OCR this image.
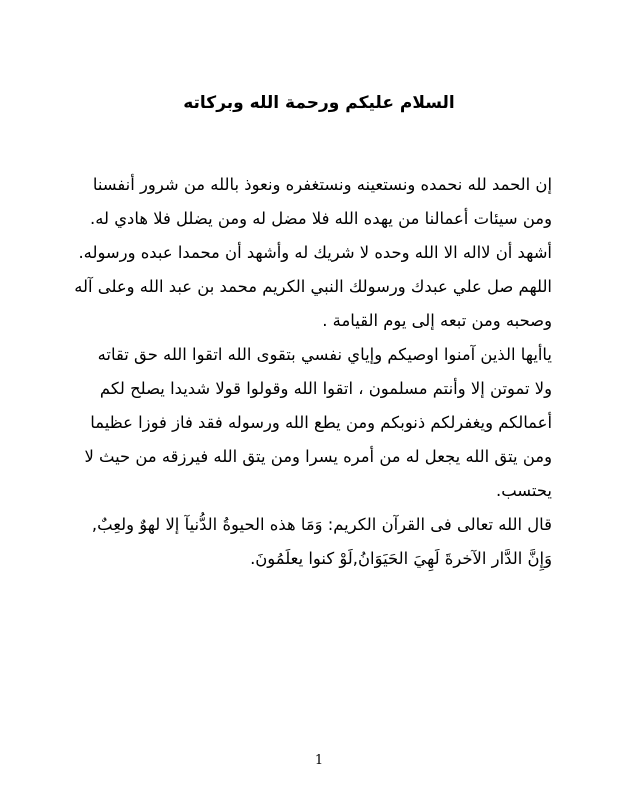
السلام عليكم ورحمة الله وبركاته
إن الحمد لله نحمده ونستعينه ونستغفره ونعوذ بالله من شرور أنفسنا
ومن سيئات أعمالنا من يهده الله فلا مضل له ومن يضلل فلا هادي له.
أشهد أن لااله الا الله وحده لا شريك له وأشهد أن محمدا عبده ورسوله.
اللهم صل علي عبدك ورسولك النبي الكريم محمد بن عبد الله وعلى آله
وصحبه ومن تبعه إلى يوم القيامة .
ياأيها الذين آمنوا اوصيكم وإياي نفسي بتقوى الله اتقوا الله حق تقاته
ولا تموتن إلا وأنتم مسلمون ، اتقوا الله وقولوا قولا شديدا يصلح لكم
أعمالكم ويغفرلكم ذنوبكم ومن يطع الله ورسوله فقد فاز فوزا عظيما
ومن يتق الله يجعل له من أمره يسرا ومن يتق الله فيرزقه من حيث لا
يحتسب.
قال الله تعالى فى القرآن الكريم: وَمَا هذه الحيوةُ الدُّنيآ إلا لهوٌ ولعِبٌ,
وَإِنَّ الدَّار الآخرةَ لَهِيَ الحَيَوَانُ,لَوْ كنوا يعلَمُونَ.
1
